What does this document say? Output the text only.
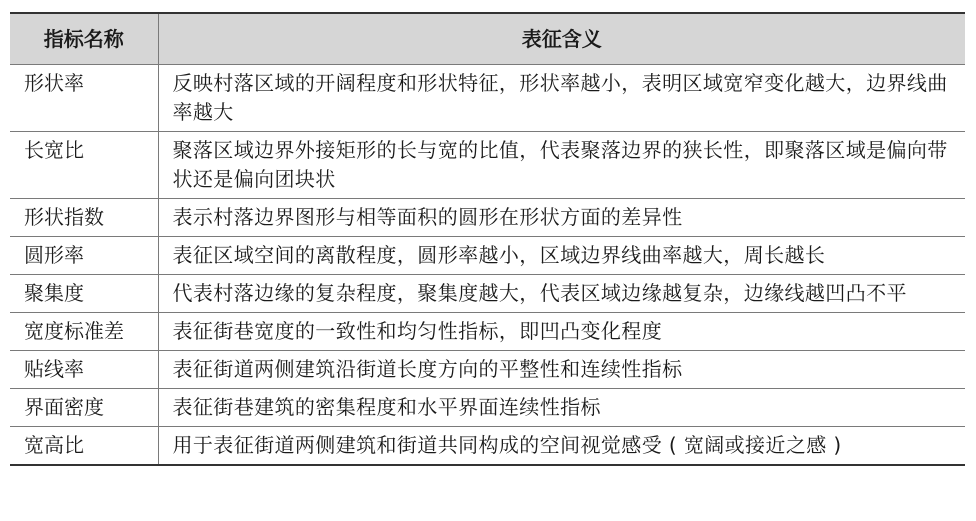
指标名称	表征含义
形状率	反映村落区域的开阔程度和形状特征，形状率越小，表明区域宽窄变化越大，边界线曲率越大
长宽比	聚落区域边界外接矩形的长与宽的比值，代表聚落边界的狭长性，即聚落区域是偏向带状还是偏向团块状
形状指数	表示村落边界图形与相等面积的圆形在形状方面的差异性
圆形率	表征区域空间的离散程度，圆形率越小，区域边界线曲率越大，周长越长
聚集度	代表村落边缘的复杂程度，聚集度越大，代表区域边缘越复杂，边缘线越凹凸不平
宽度标准差	表征街巷宽度的一致性和均匀性指标，即凹凸变化程度
贴线率	表征街道两侧建筑沿街道长度方向的平整性和连续性指标
界面密度	表征街巷建筑的密集程度和水平界面连续性指标
宽高比	用于表征街道两侧建筑和街道共同构成的空间视觉感受 ( 宽阔或接近之感 )
